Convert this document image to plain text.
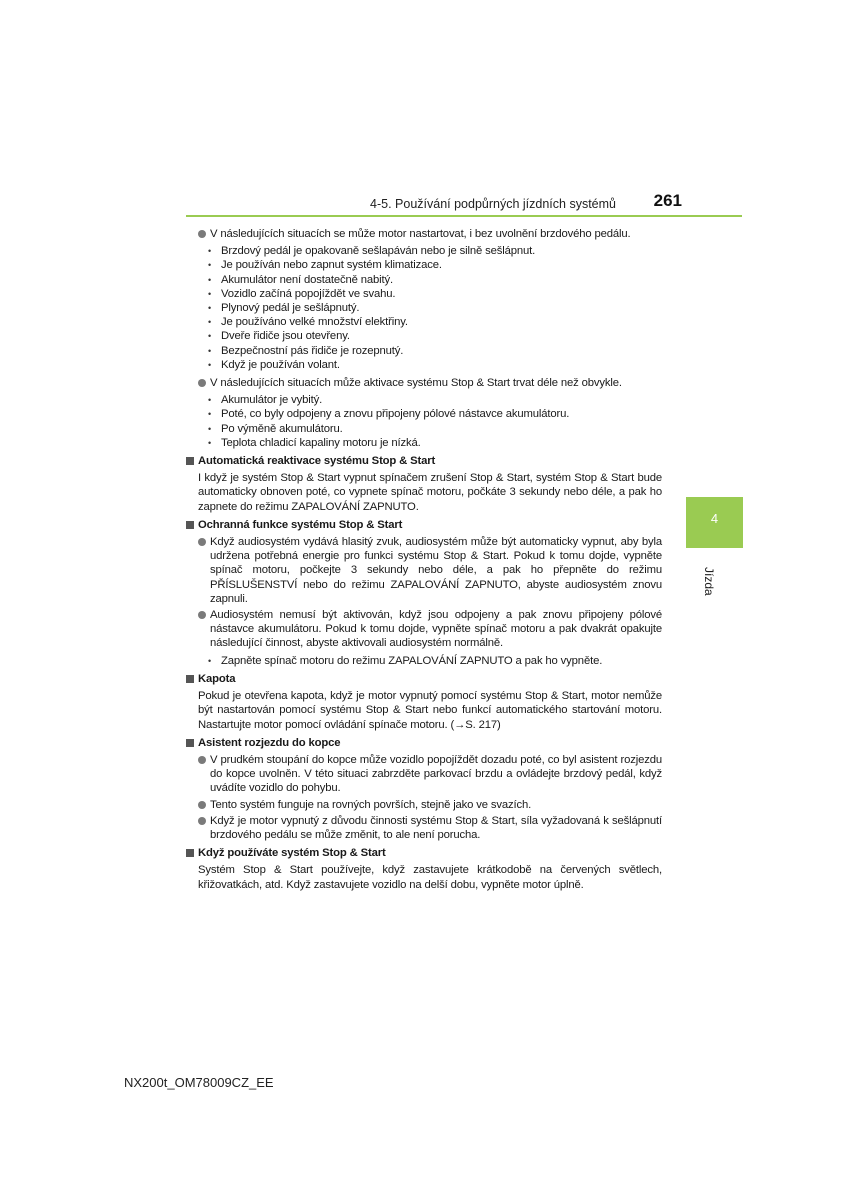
4-5. Používání podpůrných jízdních systémů 261
4
Jízda
V následujících situacích se může motor nastartovat, i bez uvolnění brzdového pedálu.
• Brzdový pedál je opakovaně sešlapáván nebo je silně sešlápnut.
• Je používán nebo zapnut systém klimatizace.
• Akumulátor není dostatečně nabitý.
• Vozidlo začíná popojíždět ve svahu.
• Plynový pedál je sešlápnutý.
• Je používáno velké množství elektřiny.
• Dveře řidiče jsou otevřeny.
• Bezpečnostní pás řidiče je rozepnutý.
• Když je používán volant.
V následujících situacích může aktivace systému Stop & Start trvat déle než obvykle.
• Akumulátor je vybitý.
• Poté, co byly odpojeny a znovu připojeny pólové nástavce akumulátoru.
• Po výměně akumulátoru.
• Teplota chladicí kapaliny motoru je nízká.
Automatická reaktivace systému Stop & Start
I když je systém Stop & Start vypnut spínačem zrušení Stop & Start, systém Stop & Start bude automaticky obnoven poté, co vypnete spínač motoru, počkáte 3 sekundy nebo déle, a pak ho zapnete do režimu ZAPALOVÁNÍ ZAPNUTO.
Ochranná funkce systému Stop & Start
Když audiosystém vydává hlasitý zvuk, audiosystém může být automaticky vypnut, aby byla udržena potřebná energie pro funkci systému Stop & Start. Pokud k tomu dojde, vypněte spínač motoru, počkejte 3 sekundy nebo déle, a pak ho přepněte do režimu PŘÍSLUŠENSTVÍ nebo do režimu ZAPALOVÁNÍ ZAPNUTO, abyste audiosystém znovu zapnuli.
Audiosystém nemusí být aktivován, když jsou odpojeny a pak znovu připojeny pólové nástavce akumulátoru. Pokud k tomu dojde, vypněte spínač motoru a pak dvakrát opakujte následující činnost, abyste aktivovali audiosystém normálně.
• Zapněte spínač motoru do režimu ZAPALOVÁNÍ ZAPNUTO a pak ho vypněte.
Kapota
Pokud je otevřena kapota, když je motor vypnutý pomocí systému Stop & Start, motor nemůže být nastartován pomocí systému Stop & Start nebo funkcí automatického startování motoru. Nastartujte motor pomocí ovládání spínače motoru. (→S. 217)
Asistent rozjezdu do kopce
V prudkém stoupání do kopce může vozidlo popojíždět dozadu poté, co byl asistent rozjezdu do kopce uvolněn. V této situaci zabrzděte parkovací brzdu a ovládejte brzdový pedál, když uvádíte vozidlo do pohybu.
Tento systém funguje na rovných površích, stejně jako ve svazích.
Když je motor vypnutý z důvodu činnosti systému Stop & Start, síla vyžadovaná k sešlápnutí brzdového pedálu se může změnit, to ale není porucha.
Když používáte systém Stop & Start
Systém Stop & Start používejte, když zastavujete krátkodobě na červených světlech, křižovatkách, atd. Když zastavujete vozidlo na delší dobu, vypněte motor úplně.
NX200t_OM78009CZ_EE
